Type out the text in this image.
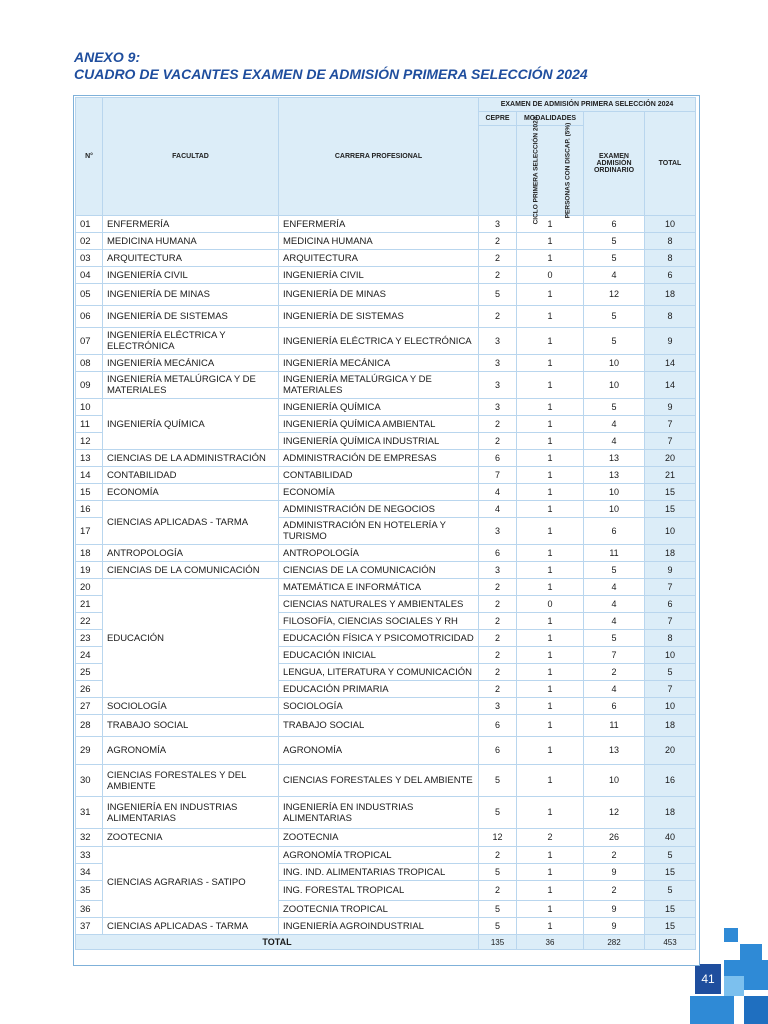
ANEXO 9:
CUADRO DE VACANTES EXAMEN DE ADMISIÓN PRIMERA SELECCIÓN 2024
41
N°	FACULTAD	CARRERA PROFESIONAL	EXAMEN DE ADMISIÓN PRIMERA SELECCIÓN 2024			
			CEPRE	MODALIDADES	EXAMEN ADMISIÓN ORDINARIO	TOTAL
			CICLO PRIMERA SELECCIÓN 2024	PERSONAS CON DISCAP. (5%)		
01	ENFERMERÍA	ENFERMERÍA	3	1	6	10
02	MEDICINA HUMANA	MEDICINA HUMANA	2	1	5	8
03	ARQUITECTURA	ARQUITECTURA	2	1	5	8
04	INGENIERÍA CIVIL	INGENIERÍA CIVIL	2	0	4	6
05	INGENIERÍA DE MINAS	INGENIERÍA DE MINAS	5	1	12	18
06	INGENIERÍA DE SISTEMAS	INGENIERÍA DE SISTEMAS	2	1	5	8
07	INGENIERÍA ELÉCTRICA Y ELECTRÓNICA	INGENIERÍA ELÉCTRICA Y ELECTRÓNICA	3	1	5	9
08	INGENIERÍA MECÁNICA	INGENIERÍA MECÁNICA	3	1	10	14
09	INGENIERÍA METALÚRGICA Y DE MATERIALES	INGENIERÍA METALÚRGICA Y DE MATERIALES	3	1	10	14
10	INGENIERÍA QUÍMICA	INGENIERÍA QUÍMICA	3	1	5	9
11		INGENIERÍA QUÍMICA AMBIENTAL	2	1	4	7
12		INGENIERÍA QUÍMICA INDUSTRIAL	2	1	4	7
13	CIENCIAS DE LA ADMINISTRACIÓN	ADMINISTRACIÓN DE EMPRESAS	6	1	13	20
14	CONTABILIDAD	CONTABILIDAD	7	1	13	21
15	ECONOMÍA	ECONOMÍA	4	1	10	15
16	CIENCIAS APLICADAS - TARMA	ADMINISTRACIÓN DE NEGOCIOS	4	1	10	15
17		ADMINISTRACIÓN EN HOTELERÍA Y TURISMO	3	1	6	10
18	ANTROPOLOGÍA	ANTROPOLOGÍA	6	1	11	18
19	CIENCIAS DE LA COMUNICACIÓN	CIENCIAS DE LA COMUNICACIÓN	3	1	5	9
20	EDUCACIÓN	MATEMÁTICA E INFORMÁTICA	2	1	4	7
21		CIENCIAS NATURALES Y AMBIENTALES	2	0	4	6
22		FILOSOFÍA, CIENCIAS SOCIALES Y RH	2	1	4	7
23		EDUCACIÓN FÍSICA Y PSICOMOTRICIDAD	2	1	5	8
24		EDUCACIÓN INICIAL	2	1	7	10
25		LENGUA, LITERATURA Y COMUNICACIÓN	2	1	2	5
26		EDUCACIÓN PRIMARIA	2	1	4	7
27	SOCIOLOGÍA	SOCIOLOGÍA	3	1	6	10
28	TRABAJO SOCIAL	TRABAJO SOCIAL	6	1	11	18
29	AGRONOMÍA	AGRONOMÍA	6	1	13	20
30	CIENCIAS FORESTALES Y DEL AMBIENTE	CIENCIAS FORESTALES Y DEL AMBIENTE	5	1	10	16
31	INGENIERÍA EN INDUSTRIAS ALIMENTARIAS	INGENIERÍA EN INDUSTRIAS ALIMENTARIAS	5	1	12	18
32	ZOOTECNIA	ZOOTECNIA	12	2	26	40
33	CIENCIAS AGRARIAS - SATIPO	AGRONOMÍA TROPICAL	2	1	2	5
34		ING. IND. ALIMENTARIAS TROPICAL	5	1	9	15
35		ING. FORESTAL TROPICAL	2	1	2	5
36		ZOOTECNIA TROPICAL	5	1	9	15
37	CIENCIAS APLICADAS - TARMA	INGENIERÍA AGROINDUSTRIAL	5	1	9	15
TOTAL			135	36	282	453
